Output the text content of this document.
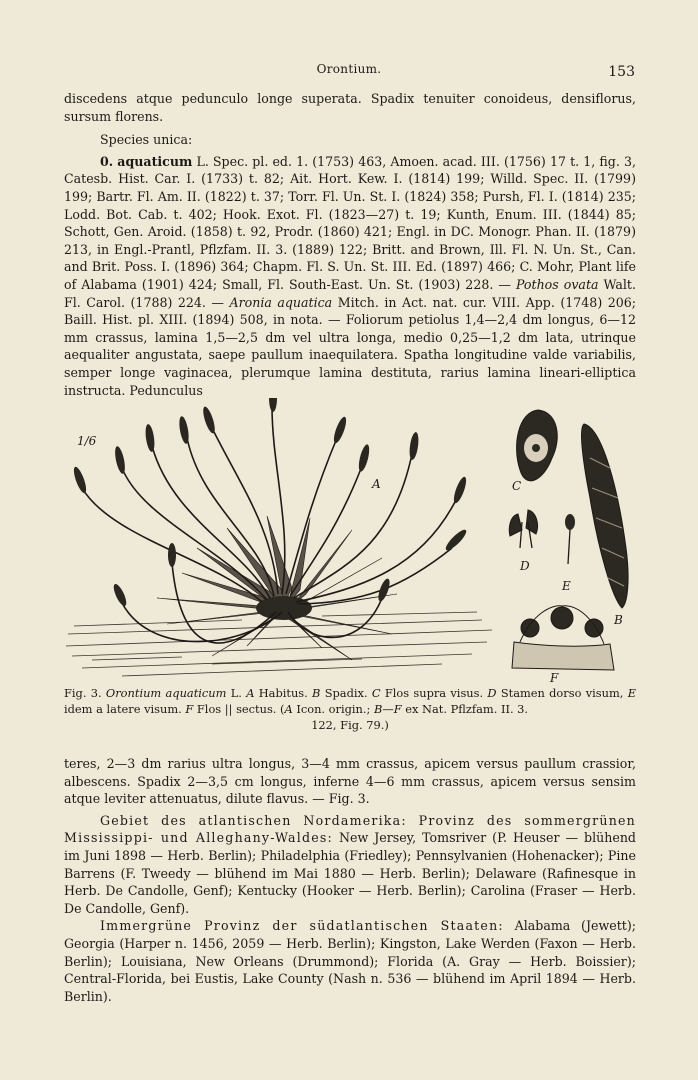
Orontium.	153

discedens atque pedunculo longe superata. Spadix tenuiter conoideus, densiflorus, sursum florens.

Species unica:

0. aquaticum L. Spec. pl. ed. 1. (1753) 463, Amoen. acad. III. (1756) 17 t. 1, fig. 3, Catesb. Hist. Car. I. (1733) t. 82; Ait. Hort. Kew. I. (1814) 199; Willd. Spec. II. (1799) 199; Bartr. Fl. Am. II. (1822) t. 37; Torr. Fl. Un. St. I. (1824) 358; Pursh, Fl. I. (1814) 235; Lodd. Bot. Cab. t. 402; Hook. Exot. Fl. (1823—27) t. 19; Kunth, Enum. III. (1844) 85; Schott, Gen. Aroid. (1858) t. 92, Prodr. (1860) 421; Engl. in DC. Monogr. Phan. II. (1879) 213, in Engl.-Prantl, Pflzfam. II. 3. (1889) 122; Britt. and Brown, Ill. Fl. N. Un. St., Can. and Brit. Poss. I. (1896) 364; Chapm. Fl. S. Un. St. III. Ed. (1897) 466; C. Mohr, Plant life of Alabama (1901) 424; Small, Fl. South-East. Un. St. (1903) 228. — Pothos ovata Walt. Fl. Carol. (1788) 224. — Aronia aquatica Mitch. in Act. nat. cur. VIII. App. (1748) 206; Baill. Hist. pl. XIII. (1894) 508, in nota. — Foliorum petiolus 1,4—2,4 dm longus, 6—12 mm crassus, lamina 1,5—2,5 dm vel ultra longa, medio 0,25—1,2 dm lata, utrinque aequaliter angustata, saepe paullum inaequilatera. Spatha longitudine valde variabilis, semper longe vaginacea, plerumque lamina destituta, rarius lamina lineari-elliptica instructa. Pedunculus

1/6
A
B
C
D
E
F
Fig. 3. Orontium aquaticum L. A Habitus. B Spadix. C Flos supra visus. D Stamen dorso visum, E idem a latere visum. F Flos || sectus. (A Icon. origin.; B—F ex Nat. Pflzfam. II. 3.
122, Fig. 79.)

teres, 2—3 dm rarius ultra longus, 3—4 mm crassus, apicem versus paullum crassior, albescens. Spadix 2—3,5 cm longus, inferne 4—6 mm crassus, apicem versus sensim atque leviter attenuatus, dilute flavus. — Fig. 3.

Gebiet des atlantischen Nordamerika: Provinz des sommergrünen Mississippi- und Alleghany-Waldes: New Jersey, Tomsriver (P. Heuser — blühend im Juni 1898 — Herb. Berlin); Philadelphia (Friedley); Pennsylvanien (Hohenacker); Pine Barrens (F. Tweedy — blühend im Mai 1880 — Herb. Berlin); Delaware (Rafinesque in Herb. De Candolle, Genf); Kentucky (Hooker — Herb. Berlin); Carolina (Fraser — Herb. De Candolle, Genf).

Immergrüne Provinz der südatlantischen Staaten: Alabama (Jewett); Georgia (Harper n. 1456, 2059 — Herb. Berlin); Kingston, Lake Werden (Faxon — Herb. Berlin); Louisiana, New Orleans (Drummond); Florida (A. Gray — Herb. Boissier); Central-Florida, bei Eustis, Lake County (Nash n. 536 — blühend im April 1894 — Herb. Berlin).
